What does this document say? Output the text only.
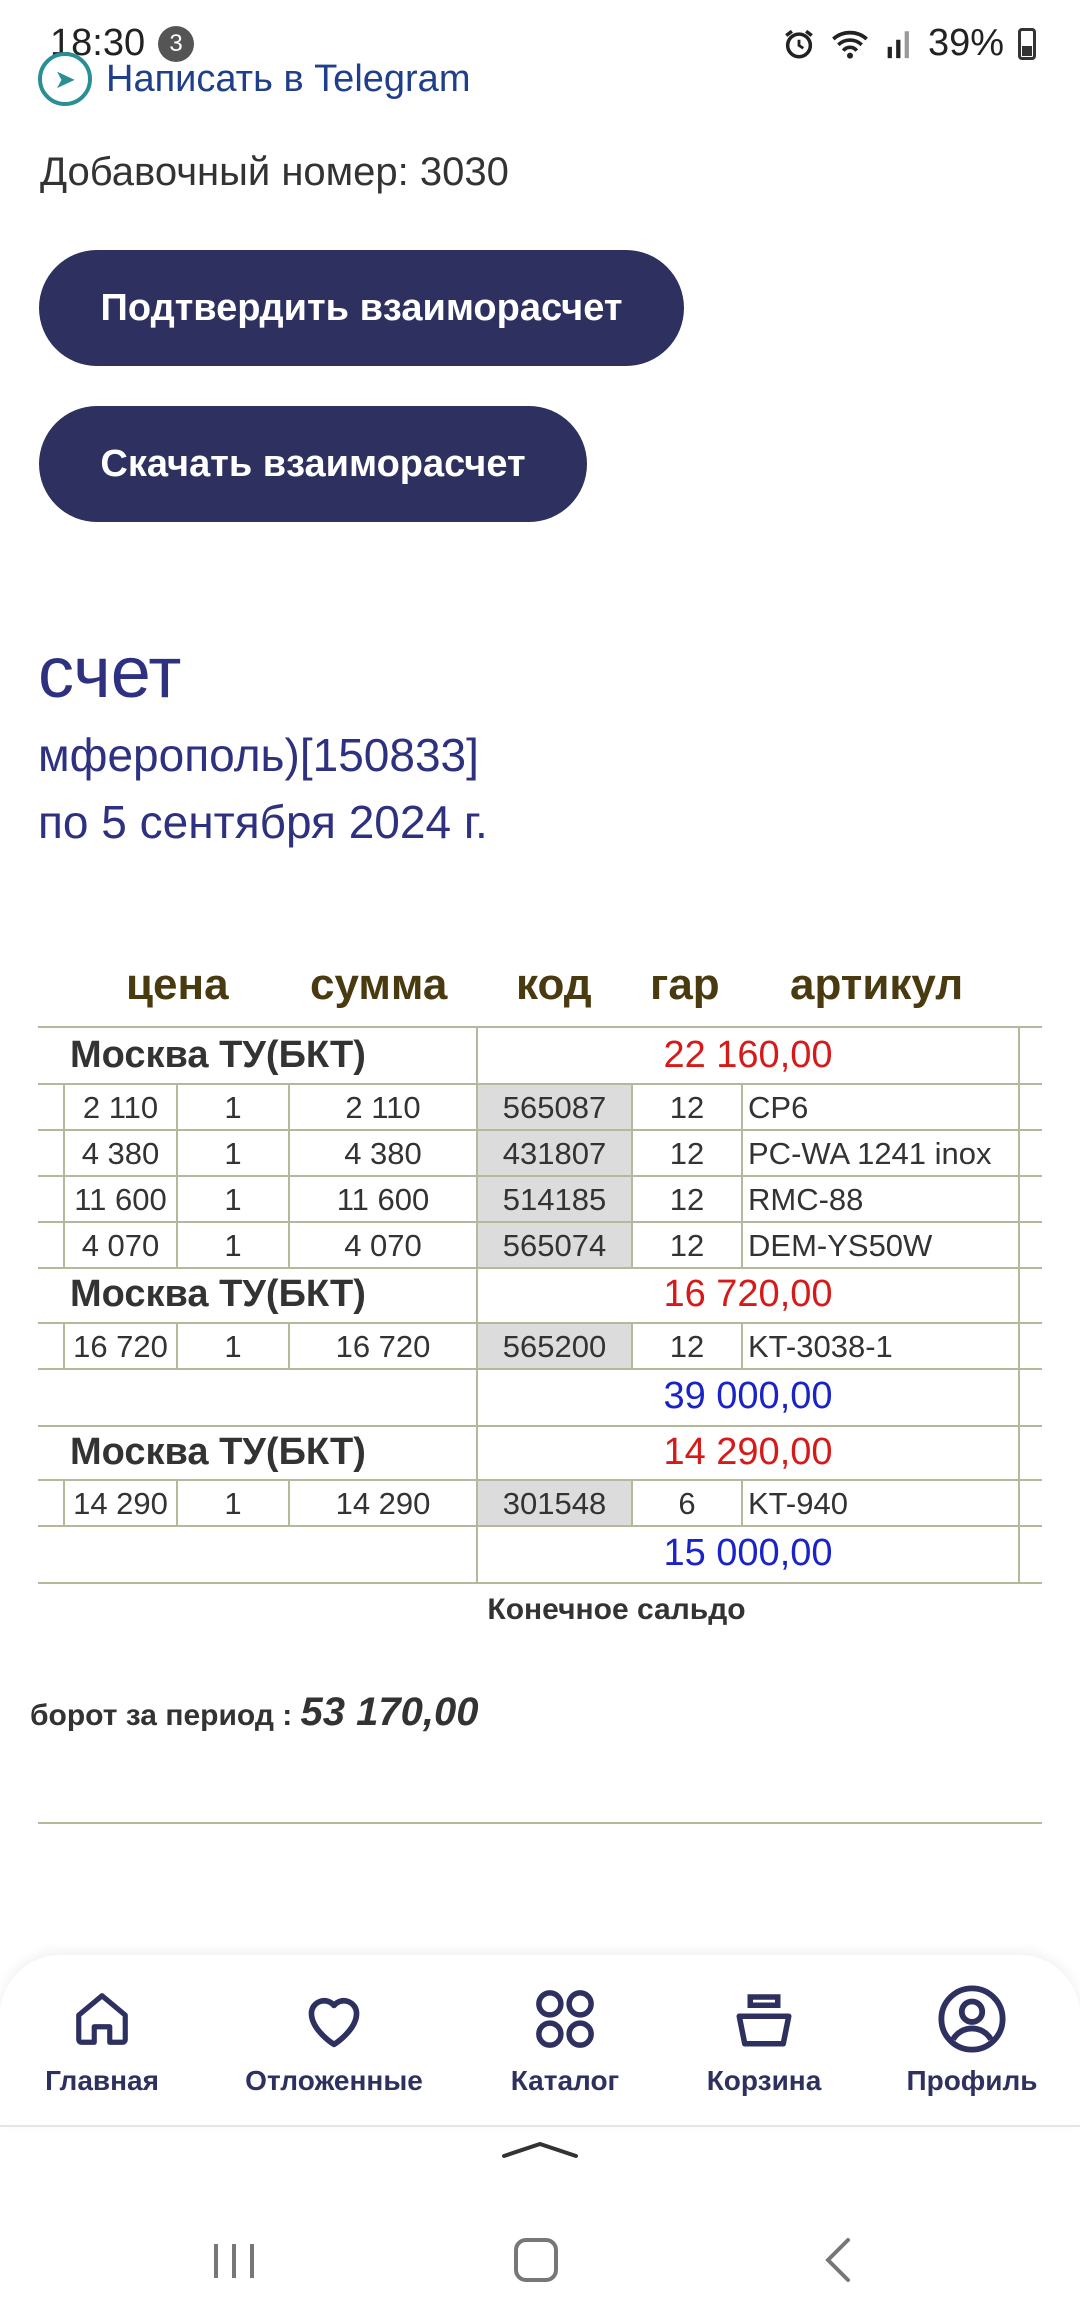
18:30	3	39%
➤ Написать в Telegram
Добавочный номер: 3030
Подтвердить взаиморасчет
Скачать взаиморасчет
счет
мферополь)[150833]
по 5 сентября 2024 г.
цена сумма код гар артикул
Москва ТУ(БКТ)	22 160,00
2 110	1	2 110	565087	12	CP6
4 380	1	4 380	431807	12	PC-WA 1241 inox
11 600	1	11 600	514185	12	RMC-88
4 070	1	4 070	565074	12	DEM-YS50W
Москва ТУ(БКТ)	16 720,00
16 720	1	16 720	565200	12	KT-3038-1
39 000,00
Москва ТУ(БКТ)	14 290,00
14 290	1	14 290	301548	6	KT-940
15 000,00
Конечное сальдо
борот за период : 53 170,00
Главная	Отложенные	Каталог	Корзина	Профиль
